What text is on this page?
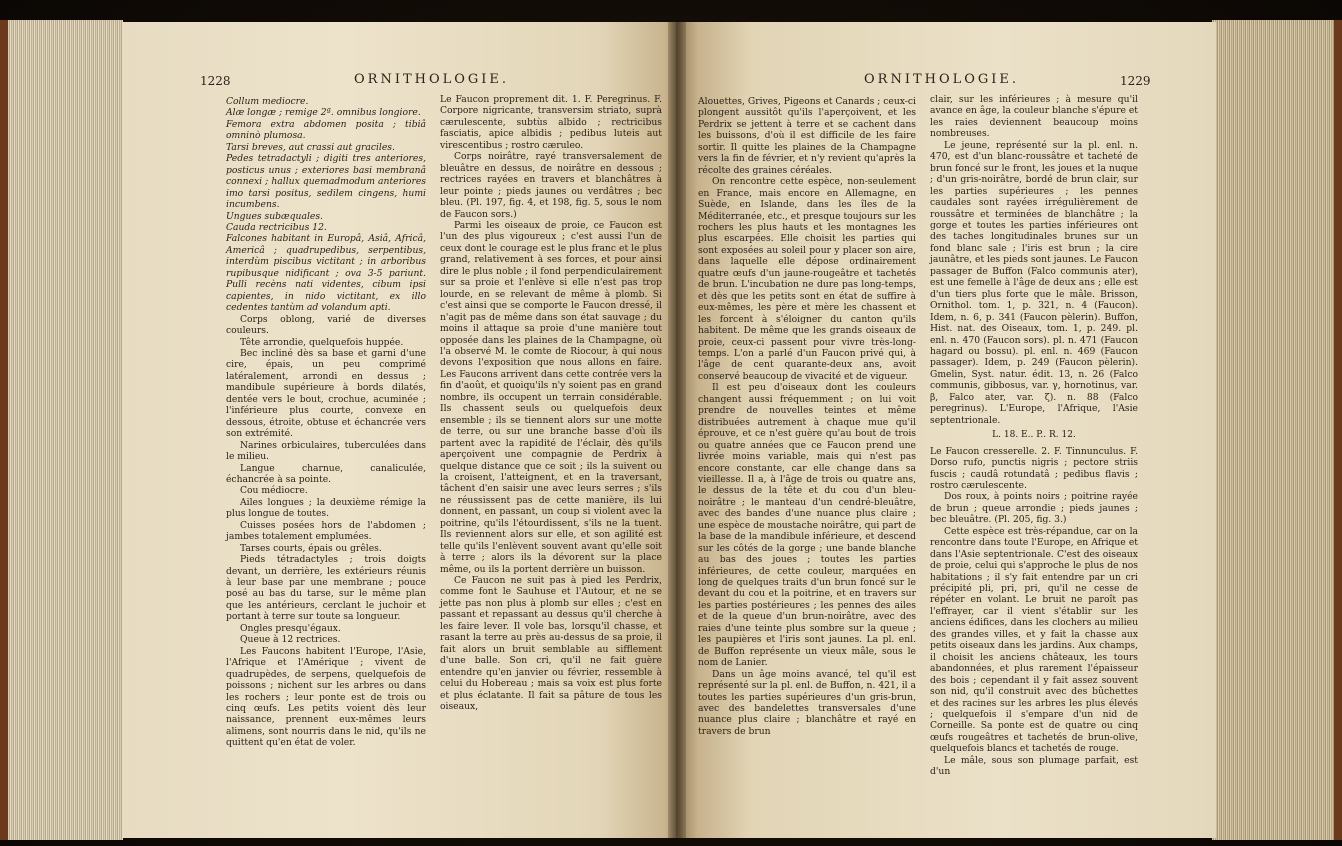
1228	ORNITHOLOGIE.

Collum mediocre.

Alæ longæ ; remige 2ª. omnibus longiore.

Femora extra abdomen posita ; tibiâ omninò plumosa.

Tarsi breves, aut crassi aut graciles.

Pedes tetradactyli ; digiti tres anteriores, posticus unus ; exteriores basi membranâ connexi ; hallux quemadmodum anteriores imo tarsi positus, sedilem cingens, humi incumbens.

Ungues subæquales.

Cauda rectricibus 12.

Falcones habitant in Europâ, Asiâ, Africâ, Americâ ; quadrupedibus, serpentibus, interdùm piscibus victitant ; in arboribus rupibusque nidificant ; ova 3-5 pariunt. Pulli recèns nati videntes, cibum ipsi capientes, in nido victitant, ex illo cedentes tantùm ad volandum apti.

Corps oblong, varié de diverses couleurs.

Tête arrondie, quelquefois huppée.

Bec incliné dès sa base et garni d'une cire, épais, un peu comprimé latéralement, arrondi en dessus ; mandibule supérieure à bords dilatés, dentée vers le bout, crochue, acuminée ; l'inférieure plus courte, convexe en dessous, étroite, obtuse et échancrée vers son extrémité.

Narines orbiculaires, tuberculées dans le milieu.

Langue charnue, canaliculée, échancrée à sa pointe.

Cou médiocre.

Ailes longues ; la deuxième rémige la plus longue de toutes.

Cuisses posées hors de l'abdomen ; jambes totalement emplumées.

Tarses courts, épais ou grêles.

Pieds tétradactyles ; trois doigts devant, un derrière, les extérieurs réunis à leur base par une membrane ; pouce posé au bas du tarse, sur le même plan que les antérieurs, cerclant le juchoir et portant à terre sur toute sa longueur.

Ongles presqu'égaux.

Queue à 12 rectrices.

Les Faucons habitent l'Europe, l'Asie, l'Afrique et l'Amérique ; vivent de quadrupèdes, de serpens, quelquefois de poissons ; nichent sur les arbres ou dans les rochers ; leur ponte est de trois ou cinq œufs. Les petits voient dès leur naissance, prennent eux-mêmes leurs alimens, sont nourris dans le nid, qu'ils ne quittent qu'en état de voler.

Le Faucon proprement dit. 1. F. Peregrinus. F. Corpore nigricante, transversim striato, suprà cærulescente, subtùs albido ; rectricibus fasciatis, apice albidis ; pedibus luteis aut virescentibus ; rostro cæruleo.

Corps noirâtre, rayé transversalement de bleuâtre en dessus, de noirâtre en dessous ; rectrices rayées en travers et blanchâtres à leur pointe ; pieds jaunes ou verdâtres ; bec bleu. (Pl. 197, fig. 4, et 198, fig. 5, sous le nom de Faucon sors.)

Parmi les oiseaux de proie, ce Faucon est l'un des plus vigoureux ; c'est aussi l'un de ceux dont le courage est le plus franc et le plus grand, relativement à ses forces, et pour ainsi dire le plus noble ; il fond perpendiculairement sur sa proie et l'enlève si elle n'est pas trop lourde, en se relevant de même à plomb. Si c'est ainsi que se comporte le Faucon dressé, il n'agit pas de même dans son état sauvage ; du moins il attaque sa proie d'une manière tout opposée dans les plaines de la Champagne, où l'a observé M. le comte de Riocour, à qui nous devons l'exposition que nous allons en faire. Les Faucons arrivent dans cette contrée vers la fin d'août, et quoiqu'ils n'y soient pas en grand nombre, ils occupent un terrain considérable. Ils chassent seuls ou quelquefois deux ensemble ; ils se tiennent alors sur une motte de terre, ou sur une branche basse d'où ils partent avec la rapidité de l'éclair, dès qu'ils aperçoivent une compagnie de Perdrix à quelque distance que ce soit ; ils la suivent ou la croisent, l'atteignent, et en la traversant, tâchent d'en saisir une avec leurs serres ; s'ils ne réussissent pas de cette manière, ils lui donnent, en passant, un coup si violent avec la poitrine, qu'ils l'étourdissent, s'ils ne la tuent. Ils reviennent alors sur elle, et son agilité est telle qu'ils l'enlèvent souvent avant qu'elle soit à terre ; alors ils la dévorent sur la place même, ou ils la portent derrière un buisson.

Ce Faucon ne suit pas à pied les Perdrix, comme font le Sauhuse et l'Autour, et ne se jette pas non plus à plomb sur elles ; c'est en passant et repassant au dessus qu'il cherche à les faire lever. Il vole bas, lorsqu'il chasse, et rasant la terre au près au-dessus de sa proie, il fait alors un bruit semblable au sifflement d'une balle. Son cri, qu'il ne fait guère entendre qu'en janvier ou février, ressemble à celui du Hobereau ; mais sa voix est plus forte et plus éclatante. Il fait sa pâture de tous les oiseaux,

ORNITHOLOGIE.	1229

Alouettes, Grives, Pigeons et Canards ; ceux-ci plongent aussitôt qu'ils l'aperçoivent, et les Perdrix se jettent à terre et se cachent dans les buissons, d'où il est difficile de les faire sortir. Il quitte les plaines de la Champagne vers la fin de février, et n'y revient qu'après la récolte des graines céréales.

On rencontre cette espèce, non-seulement en France, mais encore en Allemagne, en Suède, en Islande, dans les îles de la Méditerranée, etc., et presque toujours sur les rochers les plus hauts et les montagnes les plus escarpées. Elle choisit les parties qui sont exposées au soleil pour y placer son aire, dans laquelle elle dépose ordinairement quatre œufs d'un jaune-rougeâtre et tachetés de brun. L'incubation ne dure pas long-temps, et dès que les petits sont en état de suffire à eux-mêmes, les père et mère les chassent et les forcent à s'éloigner du canton qu'ils habitent. De même que les grands oiseaux de proie, ceux-ci passent pour vivre très-long-temps. L'on a parlé d'un Faucon privé qui, à l'âge de cent quarante-deux ans, avoit conservé beaucoup de vivacité et de vigueur.

Il est peu d'oiseaux dont les couleurs changent aussi fréquemment ; on lui voit prendre de nouvelles teintes et même distribuées autrement à chaque mue qu'il éprouve, et ce n'est guère qu'au bout de trois ou quatre années que ce Faucon prend une livrée moins variable, mais qui n'est pas encore constante, car elle change dans sa vieillesse. Il a, à l'âge de trois ou quatre ans, le dessus de la tête et du cou d'un bleu-noirâtre ; le manteau d'un cendré-bleuâtre, avec des bandes d'une nuance plus claire ; une espèce de moustache noirâtre, qui part de la base de la mandibule inférieure, et descend sur les côtés de la gorge ; une bande blanche au bas des joues ; toutes les parties inférieures, de cette couleur, marquées en long de quelques traits d'un brun foncé sur le devant du cou et la poitrine, et en travers sur les parties postérieures ; les pennes des ailes et de la queue d'un brun-noirâtre, avec des raies d'une teinte plus sombre sur la queue ; les paupières et l'iris sont jaunes. La pl. enl. de Buffon représente un vieux mâle, sous le nom de Lanier.

Dans un âge moins avancé, tel qu'il est représenté sur la pl. enl. de Buffon, n. 421, il a toutes les parties supérieures d'un gris-brun, avec des bandelettes transversales d'une nuance plus claire ; blanchâtre et rayé en travers de brun

clair, sur les inférieures ; à mesure qu'il avance en âge, la couleur blanche s'épure et les raies deviennent beaucoup moins nombreuses.

Le jeune, représenté sur la pl. enl. n. 470, est d'un blanc-roussâtre et tacheté de brun foncé sur le front, les joues et la nuque ; d'un gris-noirâtre, bordé de brun clair, sur les parties supérieures ; les pennes caudales sont rayées irrégulièrement de roussâtre et terminées de blanchâtre ; la gorge et toutes les parties inférieures ont des taches longitudinales brunes sur un fond blanc sale ; l'iris est brun ; la cire jaunâtre, et les pieds sont jaunes. Le Faucon passager de Buffon (Falco communis ater), est une femelle à l'âge de deux ans ; elle est d'un tiers plus forte que le mâle. Brisson, Ornithol. tom. 1, p. 321, n. 4 (Faucon). Idem, n. 6, p. 341 (Faucon pèlerin). Buffon, Hist. nat. des Oiseaux, tom. 1, p. 249. pl. enl. n. 470 (Faucon sors). pl. n. 471 (Faucon hagard ou bossu). pl. enl. n. 469 (Faucon passager). Idem, p. 249 (Faucon pèlerin). Gmelin, Syst. natur. édit. 13, n. 26 (Falco communis, gibbosus, var. γ, hornotinus, var. β, Falco ater, var. ζ). n. 88 (Falco peregrinus). L'Europe, l'Afrique, l'Asie septentrionale.

L. 18. E.. P.. R. 12.

Le Faucon cresserelle. 2. F. Tinnunculus. F. Dorso rufo, punctis nigris ; pectore striis fuscis ; caudâ rotundatâ ; pedibus flavis ; rostro cærulescente.

Dos roux, à points noirs ; poitrine rayée de brun ; queue arrondie ; pieds jaunes ; bec bleuâtre. (Pl. 205, fig. 3.)

Cette espèce est très-répandue, car on la rencontre dans toute l'Europe, en Afrique et dans l'Asie septentrionale. C'est des oiseaux de proie, celui qui s'approche le plus de nos habitations ; il s'y fait entendre par un cri précipité pli, pri, pri, qu'il ne cesse de répéter en volant. Le bruit ne paroît pas l'effrayer, car il vient s'établir sur les anciens édifices, dans les clochers au milieu des grandes villes, et y fait la chasse aux petits oiseaux dans les jardins. Aux champs, il choisit les anciens châteaux, les tours abandonnées, et plus rarement l'épaisseur des bois ; cependant il y fait assez souvent son nid, qu'il construit avec des bûchettes et des racines sur les arbres les plus élevés ; quelquefois il s'empare d'un nid de Corneille. Sa ponte est de quatre ou cinq œufs rougeâtres et tachetés de brun-olive, quelquefois blancs et tachetés de rouge.

Le mâle, sous son plumage parfait, est d'un
